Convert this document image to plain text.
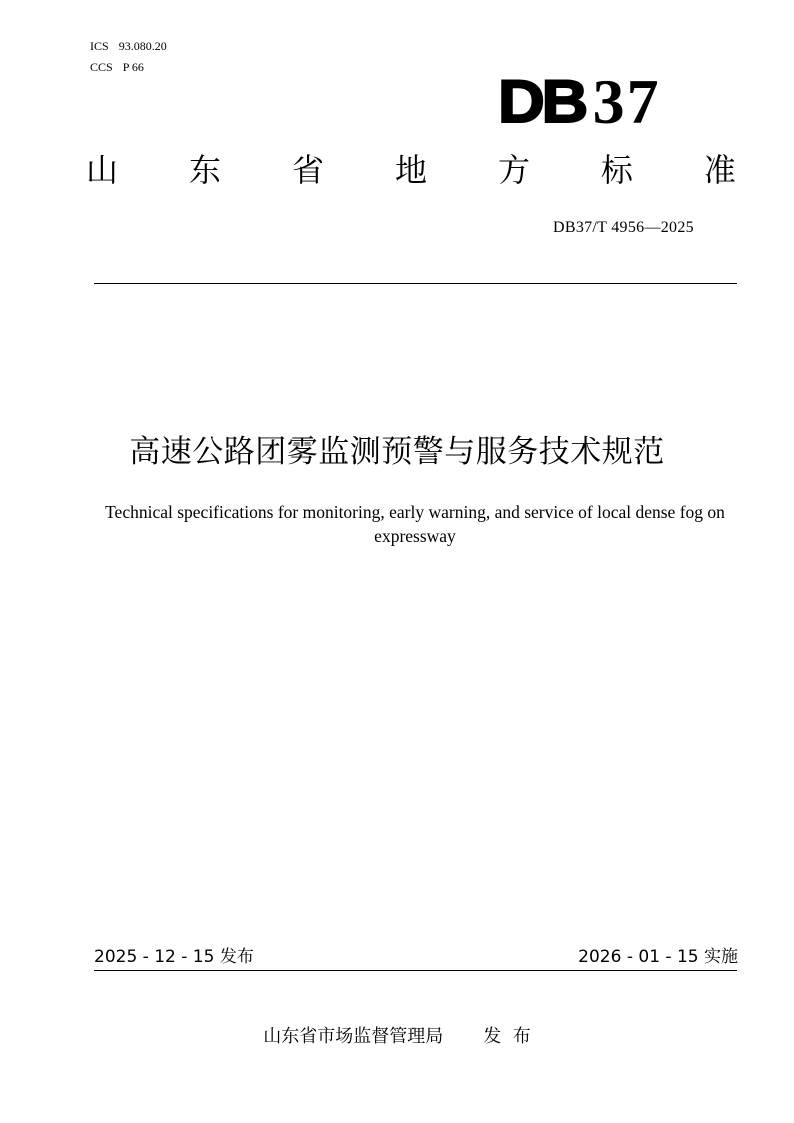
ICS 93.080.20
CCS P 66
DB 37
山 东 省 地 方 标 准
DB37/T 4956—2025
高速公路团雾监测预警与服务技术规范
Technical specifications for monitoring, early warning, and service of local dense fog on expressway
2025 - 12 - 15 发布	2026 - 01 - 15 实施
山东省市场监督管理局 发  布
